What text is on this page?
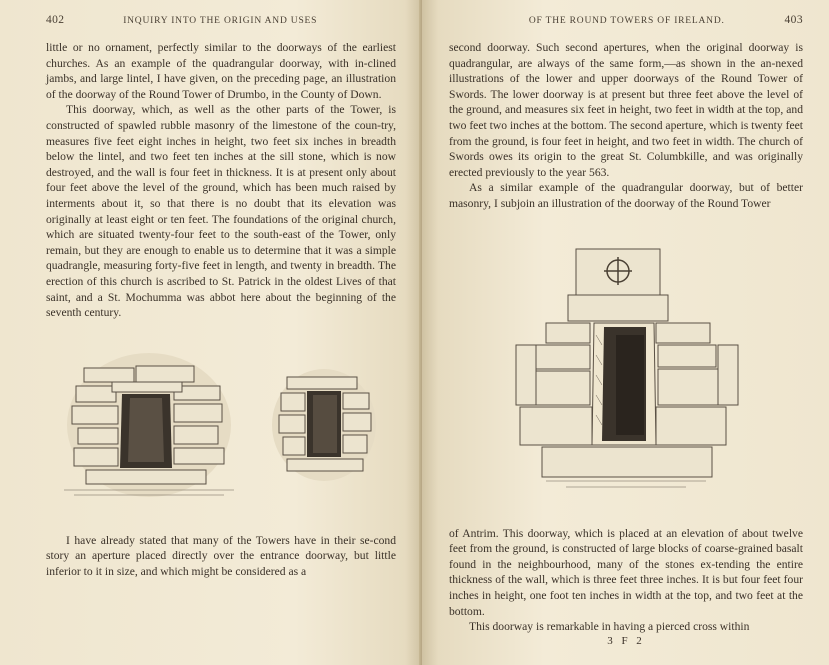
402	INQUIRY INTO THE ORIGIN AND USES

little or no ornament, perfectly similar to the doorways of the earliest churches. As an example of the quadrangular doorway, with in-clined jambs, and large lintel, I have given, on the preceding page, an illustration of the doorway of the Round Tower of Drumbo, in the County of Down.

This doorway, which, as well as the other parts of the Tower, is constructed of spawled rubble masonry of the limestone of the coun-try, measures five feet eight inches in height, two feet six inches in breadth below the lintel, and two feet ten inches at the sill stone, which is now destroyed, and the wall is four feet in thickness. It is at present only about four feet above the level of the ground, which has been much raised by interments about it, so that there is no doubt that its elevation was originally at least eight or ten feet. The foundations of the original church, which are situated twenty-four feet to the south-east of the Tower, only remain, but they are enough to enable us to determine that it was a simple quadrangle, measuring forty-five feet in length, and twenty in breadth. The erection of this church is ascribed to St. Patrick in the oldest Lives of that saint, and a St. Mochumma was abbot here about the beginning of the seventh century.

I have already stated that many of the Towers have in their se-cond story an aperture placed directly over the entrance doorway, but little inferior to it in size, and which might be considered as a

OF THE ROUND TOWERS OF IRELAND.	403

second doorway. Such second apertures, when the original doorway is quadrangular, are always of the same form,—as shown in the an-nexed illustrations of the lower and upper doorways of the Round Tower of Swords. The lower doorway is at present but three feet above the level of the ground, and measures six feet in height, two feet in width at the top, and two feet two inches at the bottom. The second aperture, which is twenty feet from the ground, is four feet in height, and two feet in width. The church of Swords owes its origin to the great St. Columbkille, and was originally erected previously to the year 563.

As a similar example of the quadrangular doorway, but of better masonry, I subjoin an illustration of the doorway of the Round Tower

of Antrim. This doorway, which is placed at an elevation of about twelve feet from the ground, is constructed of large blocks of coarse-grained basalt found in the neighbourhood, many of the stones ex-tending the entire thickness of the wall, which is three feet three inches. It is but four feet four inches in height, one foot ten inches in width at the top, and two feet at the bottom.

This doorway is remarkable in having a pierced cross within

3 F 2
